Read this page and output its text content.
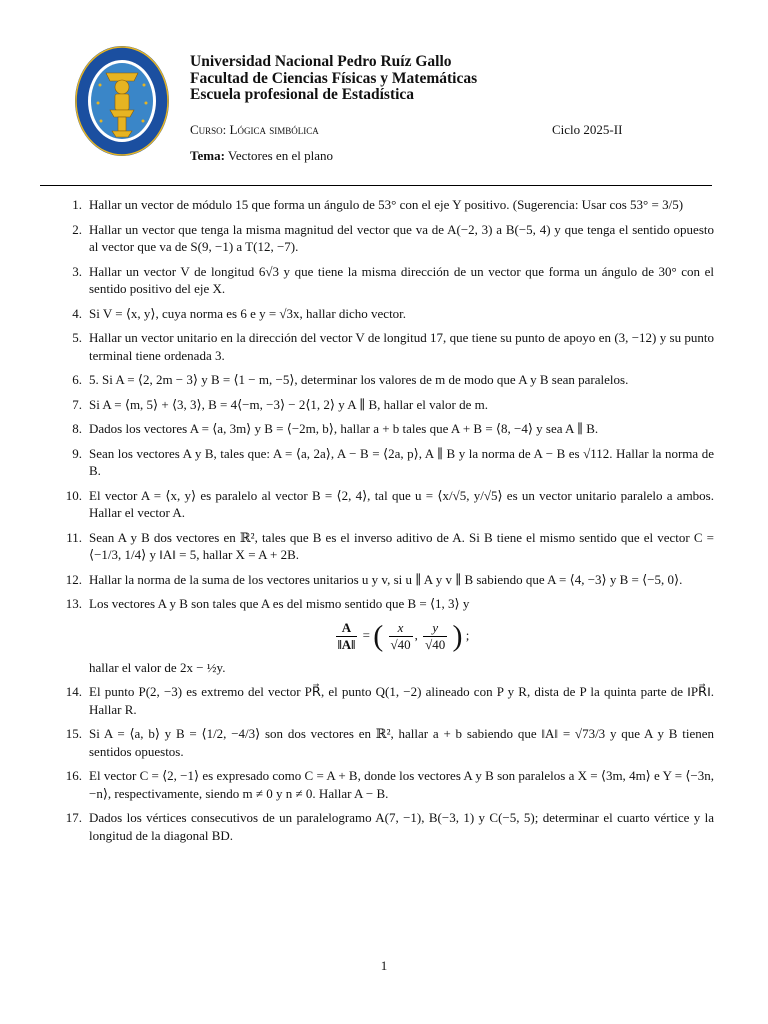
Universidad Nacional Pedro Ruíz Gallo

Facultad de Ciencias Físicas y Matemáticas

Escuela profesional de Estadística

Curso: Lógica simbólica	Ciclo 2025-II
Tema: Vectores en el plano
1. Hallar un vector de módulo 15 que forma un ángulo de 53° con el eje Y positivo. (Sugerencia: Usar cos 53° = 3/5)
2. Hallar un vector que tenga la misma magnitud del vector que va de A(−2, 3) a B(−5, 4) y que tenga el sentido opuesto al vector que va de S(9, −1) a T(12, −7).
3. Hallar un vector V de longitud 6√3 y que tiene la misma dirección de un vector que forma un ángulo de 30° con el sentido positivo del eje X.
4. Si V = ⟨x, y⟩, cuya norma es 6 e y = √3x, hallar dicho vector.
5. Hallar un vector unitario en la dirección del vector V de longitud 17, que tiene su punto de apoyo en (3, −12) y su punto terminal tiene ordenada 3.
6. 5. Si A = ⟨2, 2m − 3⟩ y B = ⟨1 − m, −5⟩, determinar los valores de m de modo que A y B sean paralelos.
7. Si A = ⟨m, 5⟩ + ⟨3, 3⟩, B = 4⟨−m, −3⟩ − 2⟨1, 2⟩ y A ∥ B, hallar el valor de m.
8. Dados los vectores A = ⟨a, 3m⟩ y B = ⟨−2m, b⟩, hallar a + b tales que A + B = ⟨8, −4⟩ y sea A ∥ B.
9. Sean los vectores A y B, tales que: A = ⟨a, 2a⟩, A − B = ⟨2a, p⟩, A ∥ B y la norma de A − B es √112. Hallar la norma de B.
10. El vector A = ⟨x, y⟩ es paralelo al vector B = ⟨2, 4⟩, tal que u = ⟨x/√5, y/√5⟩ es un vector unitario paralelo a ambos. Hallar el vector A.
11. Sean A y B dos vectores en ℝ², tales que B es el inverso aditivo de A. Si B tiene el mismo sentido que el vector C = ⟨−1/3, 1/4⟩ y ‖A‖ = 5, hallar X = A + 2B.
12. Hallar la norma de la suma de los vectores unitarios u y v, si u ∥ A y v ∥ B sabiendo que A = ⟨4, −3⟩ y B = ⟨−5, 0⟩.
13. Los vectores A y B son tales que A es del mismo sentido que B = ⟨1, 3⟩ y
$\frac{A}{‖A‖}$ = ( $\frac{x}{√40}$ , $\frac{y}{√40}$ ) ;
hallar el valor de 2x − ½y.
14. El punto P(2, −3) es extremo del vector PR⃗, el punto Q(1, −2) alineado con P y R, dista de P la quinta parte de ‖PR⃗‖. Hallar R.
15. Si A = ⟨a, b⟩ y B = ⟨1/2, −4/3⟩ son dos vectores en ℝ², hallar a + b sabiendo que ‖A‖ = √73/3 y que A y B tienen sentidos opuestos.
16. El vector C = ⟨2, −1⟩ es expresado como C = A + B, donde los vectores A y B son paralelos a X = ⟨3m, 4m⟩ e Y = ⟨−3n, −n⟩, respectivamente, siendo m ≠ 0 y n ≠ 0. Hallar A − B.
17. Dados los vértices consecutivos de un paralelogramo A(7, −1), B(−3, 1) y C(−5, 5); determinar el cuarto vértice y la longitud de la diagonal BD.
1
